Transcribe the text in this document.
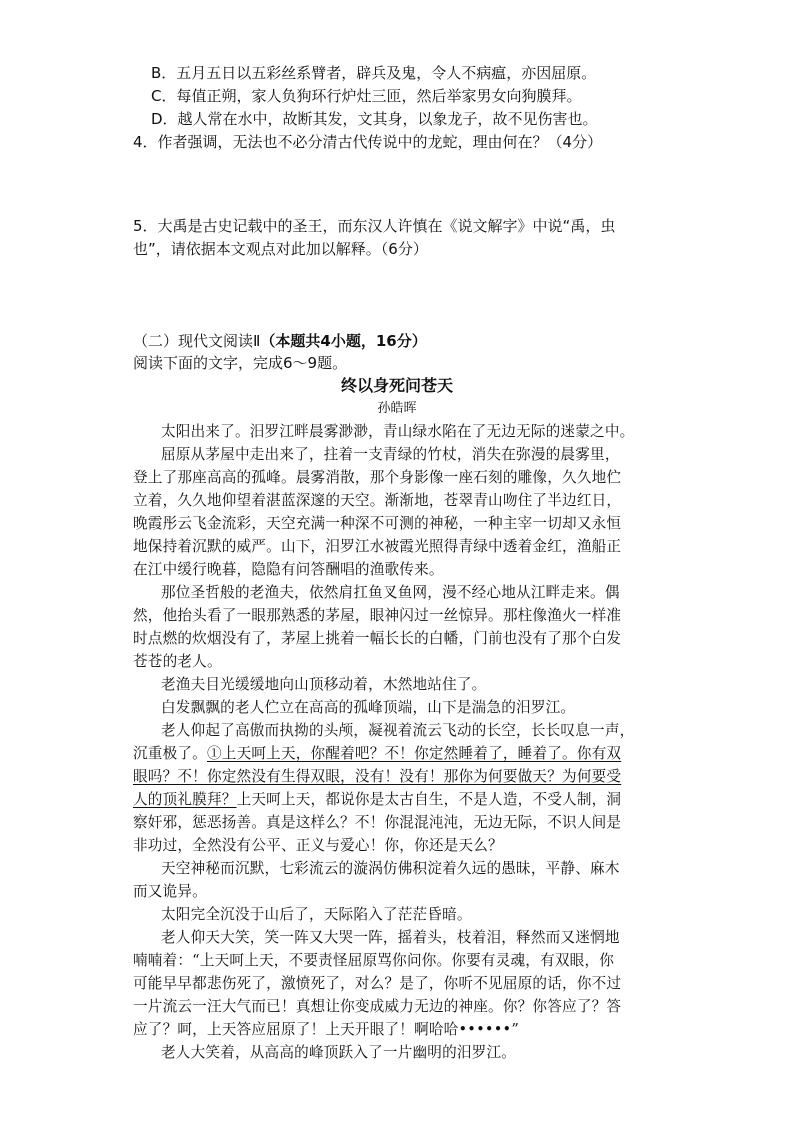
B．五月五日以五彩丝系臂者，辟兵及鬼，令人不病瘟，亦因屈原。
C．每值正朔，家人负狗环行炉灶三匝，然后举家男女向狗膜拜。
D．越人常在水中，故断其发，文其身，以象龙子，故不见伤害也。
4．作者强调，无法也不必分清古代传说中的龙蛇，理由何在？（4分）
5．大禹是古史记载中的圣王，而东汉人许慎在《说文解字》中说“禹，虫
也”，请依据本文观点对此加以解释。（6分）
（二）现代文阅读Ⅱ（本题共4小题，16分）
阅读下面的文字，完成6～9题。
终以身死问苍天
孙皓晖
太阳出来了。汨罗江畔晨雾渺渺，青山绿水陷在了无边无际的迷蒙之中。
屈原从茅屋中走出来了，拄着一支青绿的竹杖，消失在弥漫的晨雾里，
登上了那座高高的孤峰。晨雾消散，那个身影像一座石刻的雕像，久久地伫
立着，久久地仰望着湛蓝深邃的天空。渐渐地，苍翠青山吻住了半边红日，
晚霞彤云飞金流彩，天空充满一种深不可测的神秘，一种主宰一切却又永恒
地保持着沉默的威严。山下，汨罗江水被霞光照得青绿中透着金红，渔船正
在江中缓行晚暮，隐隐有问答酬唱的渔歌传来。
那位圣哲般的老渔夫，依然肩扛鱼叉鱼网，漫不经心地从江畔走来。偶
然，他抬头看了一眼那熟悉的茅屋，眼神闪过一丝惊异。那柱像渔火一样准
时点燃的炊烟没有了，茅屋上挑着一幅长长的白幡，门前也没有了那个白发
苍苍的老人。
老渔夫目光缓缓地向山顶移动着，木然地站住了。
白发飘飘的老人伫立在高高的孤峰顶端，山下是湍急的汨罗江。
老人仰起了高傲而执拗的头颅，凝视着流云飞动的长空，长长叹息一声，
沉重极了。①上天呵上天，你醒着吧？不！你定然睡着了，睡着了。你有双
眼吗？不！你定然没有生得双眼，没有！没有！那你为何要做天？为何要受
人的顶礼膜拜？上天呵上天，都说你是太古自生，不是人造，不受人制，洞
察奸邪，惩恶扬善。真是这样么？不！你混混沌沌，无边无际，不识人间是
非功过，全然没有公平、正义与爱心！你，你还是天么？
天空神秘而沉默，七彩流云的漩涡仿佛积淀着久远的愚昧，平静、麻木
而又诡异。
太阳完全沉没于山后了，天际陷入了茫茫昏暗。
老人仰天大笑，笑一阵又大哭一阵，摇着头，枝着泪，释然而又迷惘地
喃喃着：“上天呵上天，不要责怪屈原骂你问你。你要有灵魂，有双眼，你
可能早早都悲伤死了，激愤死了，对么？是了，你听不见屈原的话，你不过
一片流云一汪大气而已！真想让你变成威力无边的神座。你？你答应了？答
应了？呵，上天答应屈原了！上天开眼了！啊哈哈••••••”
老人大笑着，从高高的峰顶跃入了一片幽明的汨罗江。
